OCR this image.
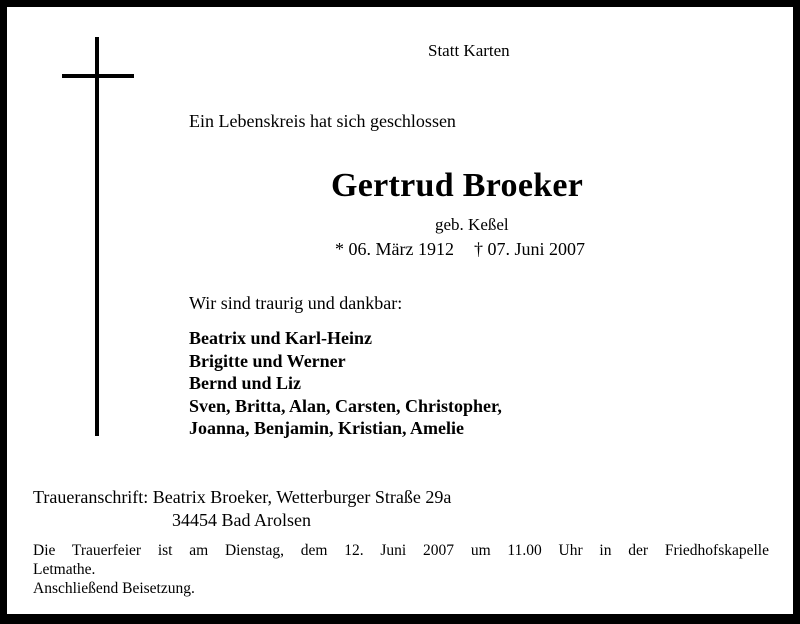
Statt Karten
Ein Lebenskreis hat sich geschlossen
Gertrud Broeker
geb. Keßel
* 06. März 1912 † 07. Juni 2007
Wir sind traurig und dankbar:
Beatrix und Karl-Heinz
Brigitte und Werner
Bernd und Liz
Sven, Britta, Alan, Carsten, Christopher,
Joanna, Benjamin, Kristian, Amelie
Traueranschrift: Beatrix Broeker, Wetterburger Straße 29a
34454 Bad Arolsen
Die Trauerfeier ist am Dienstag, dem 12. Juni 2007 um 11.00 Uhr in der Friedhofskapelle
Letmathe.
Anschließend Beisetzung.
